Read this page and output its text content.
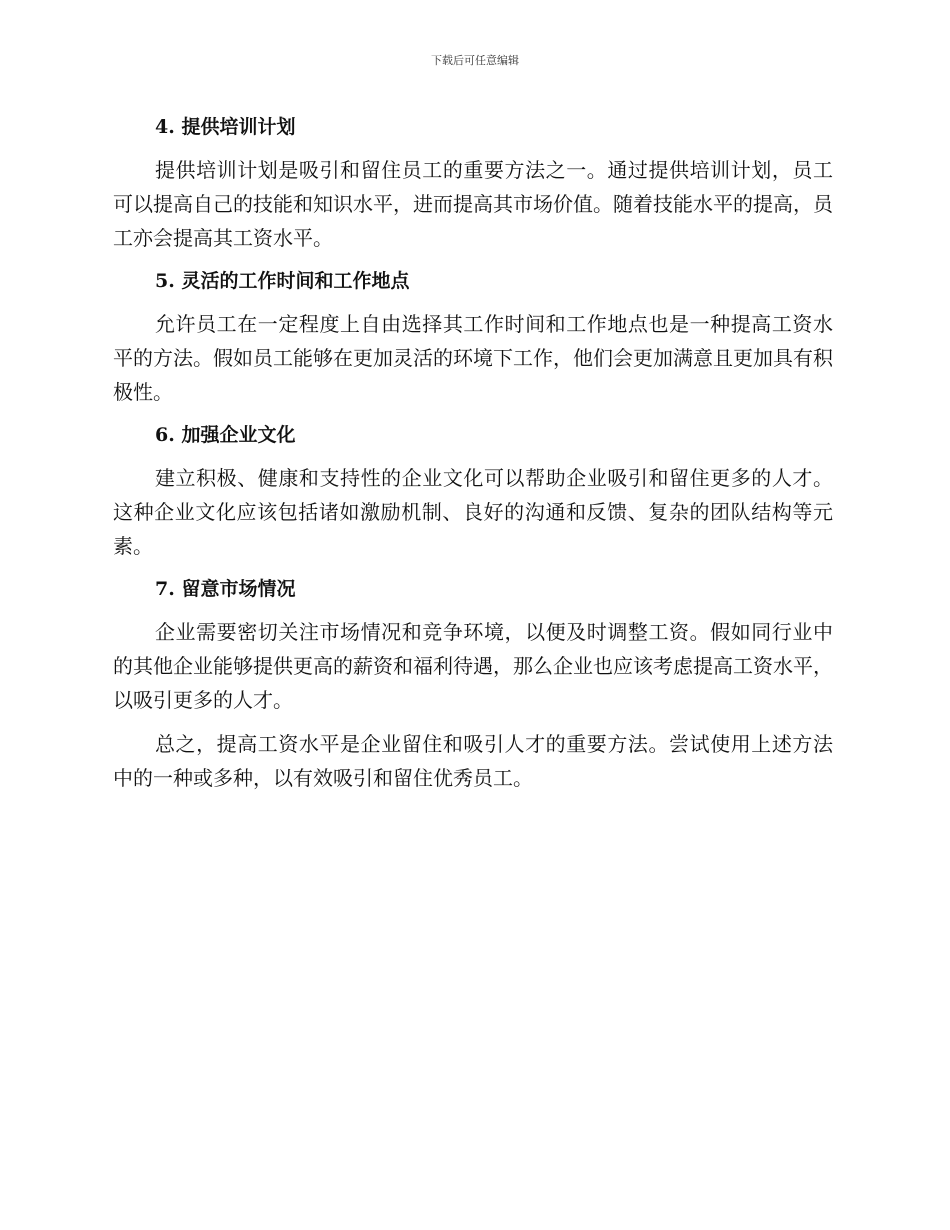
下载后可任意编辑
4. 提供培训计划

提供培训计划是吸引和留住员工的重要方法之一。通过提供培训计划，员工可以提高自己的技能和知识水平，进而提高其市场价值。随着技能水平的提高，员工亦会提高其工资水平。

5. 灵活的工作时间和工作地点

允许员工在一定程度上自由选择其工作时间和工作地点也是一种提高工资水平的方法。假如员工能够在更加灵活的环境下工作，他们会更加满意且更加具有积极性。

6. 加强企业文化

建立积极、健康和支持性的企业文化可以帮助企业吸引和留住更多的人才。这种企业文化应该包括诸如激励机制、良好的沟通和反馈、复杂的团队结构等元素。

7. 留意市场情况

企业需要密切关注市场情况和竞争环境，以便及时调整工资。假如同行业中的其他企业能够提供更高的薪资和福利待遇，那么企业也应该考虑提高工资水平，以吸引更多的人才。

总之，提高工资水平是企业留住和吸引人才的重要方法。尝试使用上述方法中的一种或多种，以有效吸引和留住优秀员工。
